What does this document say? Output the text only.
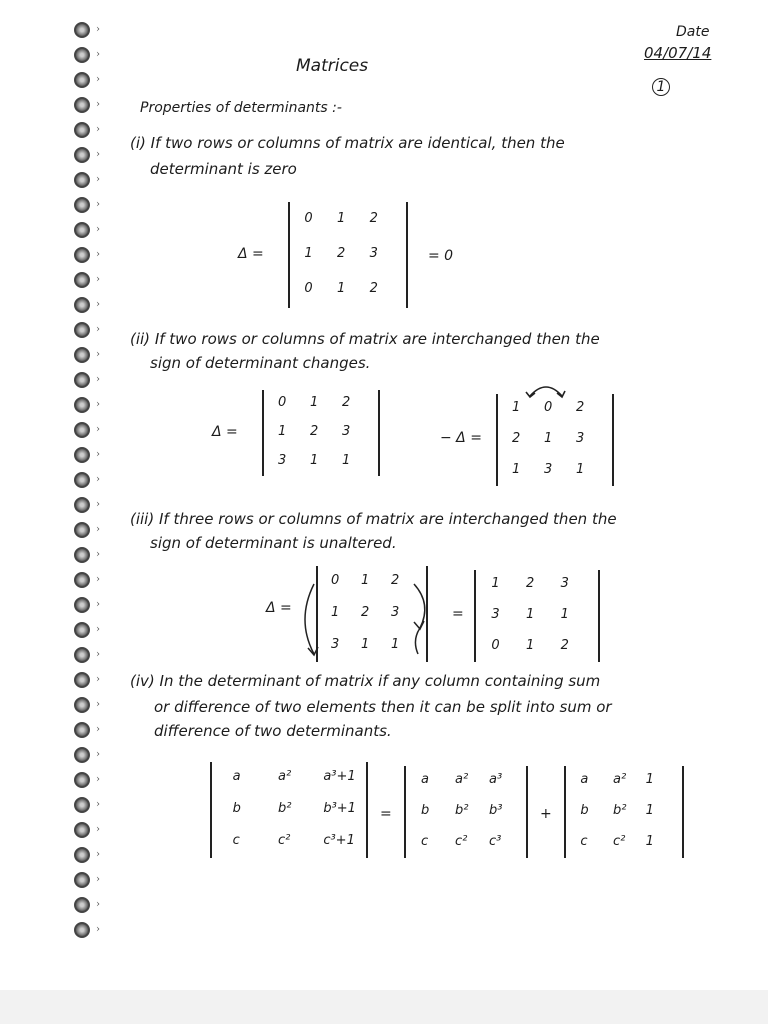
›
›
›
›
›
›
›
›
›
›
›
›
›
›
›
›
›
›
›
›
›
›
›
›
›
›
›
›
›
›
›
›
›
›
›
›
›
Matrices
Date
04/07/14
1
Properties of determinants :-
(i) If two rows or columns of matrix are identical, then the
determinant is zero
Δ =	= 0
(ii) If two rows or columns of matrix are interchanged then the
sign of determinant changes.
Δ =	− Δ =
(iii) If three rows or columns of matrix are interchanged then the
sign of determinant is unaltered.
Δ =	=
(iv) In the determinant of matrix if any column containing sum
or difference of two elements then it can be split into sum or
difference of two determinants.
=	+
0 1 2
1 2 3
0 1 2
0 1 2
1 2 3
3 1 1
1 0 2
2 1 3
1 3 1
0 1 2
1 2 3
3 1 1
1 2 3
3 1 1
0 1 2
a	a² a³+1
b	b² b³+1
c	c²	c³+1
a a² a³
b b² b³
c c² c³
a a² 1
b b² 1
c c² 1
